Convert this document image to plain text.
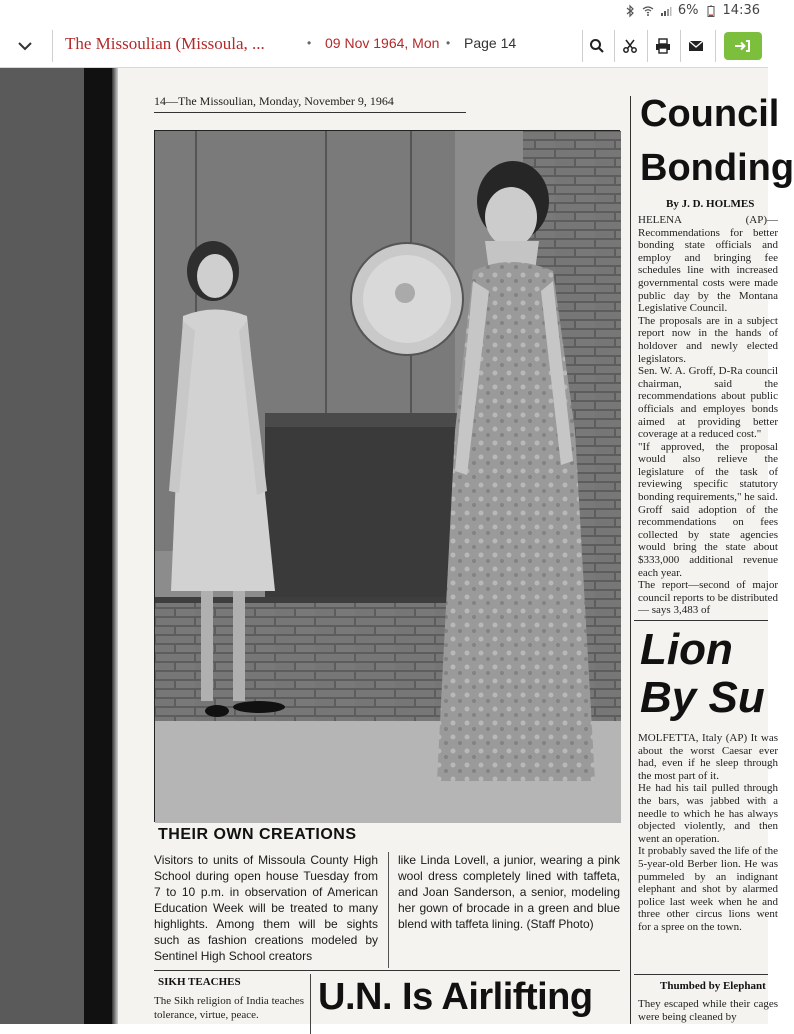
6% 14:36
The Missoulian (Missoula, ...	• 09 Nov 1964, Mon • Page 14
14—The Missoulian, Monday, November 9, 1964
THEIR OWN CREATIONS
Visitors to units of Missoula County High School during open house Tuesday from 7 to 10 p.m. in observation of American Education Week will be treated to many highlights. Among them will be sights such as fashion creations modeled by Sentinel High School creators
like Linda Lovell, a junior, wearing a pink wool dress completely lined with taffeta, and Joan Sanderson, a senior, modeling her gown of brocade in a green and blue blend with taffeta lining. (Staff Photo)
SIKH TEACHES
The Sikh religion of India teaches tolerance, virtue, peace.	U.N. Is Airlifting
Council
Bonding
By J. D. HOLMES
HELENA (AP)— Recommendations for better bonding state officials and employ and bringing fee schedules line with increased governmental costs were made public day by the Montana Legislative Council.
The proposals are in a subject report now in the hands of holdover and newly elected legislators.
Sen. W. A. Groff, D-Ra council chairman, said the recommendations about public officials and employes bonds aimed at providing better coverage at a reduced cost."
"If approved, the proposal would also relieve the legislature of the task of reviewing specific statutory bonding requirements," he said.
Groff said adoption of the recommendations on fees collected by state agencies would bring the state about $333,000 additional revenue each year.
The report—second of major council reports to be distributed — says 3,483 of
Lion
By Su
MOLFETTA, Italy (AP) It was about the worst Caesar ever had, even if he sleep through the most part of it.
He had his tail pulled through the bars, was jabbed with a needle to which he has always objected violently, and then went an operation.
It probably saved the life of the 5-year-old Berber lion. He was pummeled by an indignant elephant and shot by alarmed police last week when he and three other circus lions went for a spree on the town.
Thumbed by Elephant
They escaped while their cages were being cleaned by
